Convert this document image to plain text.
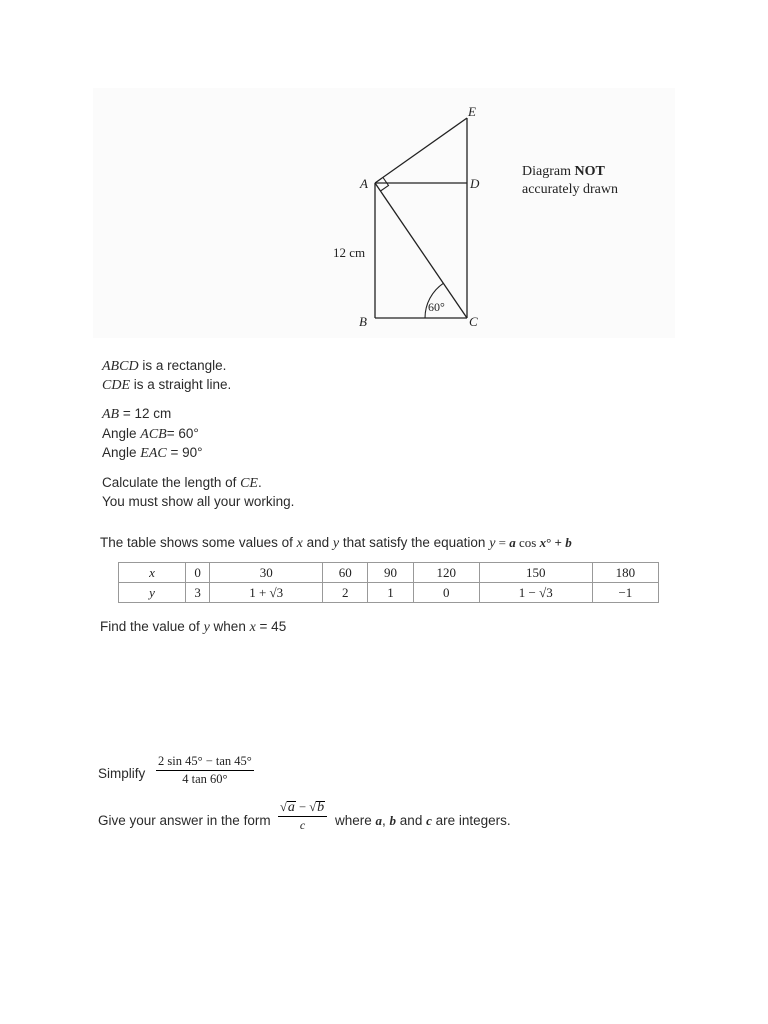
A
B	C
D
E
12 cm
60°
Diagram NOT
accurately drawn
ABCD is a rectangle.
CDE is a straight line.
AB = 12 cm
Angle ACB= 60°
Angle EAC = 90°
Calculate the length of CE.
You must show all your working.
The table shows some values of x and y that satisfy the equation y = a cos x° + b
x	0	30	60	90	120	150	180
y	3	1 + √3	2	1	0	1 − √3	−1
Find the value of y when x = 45
Simplify $\frac{2 \sin 45^\circ - \tan 45^\circ}{4 \tan 60^\circ}$
Give your answer in the form $\frac{√a - √b}{c}$ where a, b and c are integers.
